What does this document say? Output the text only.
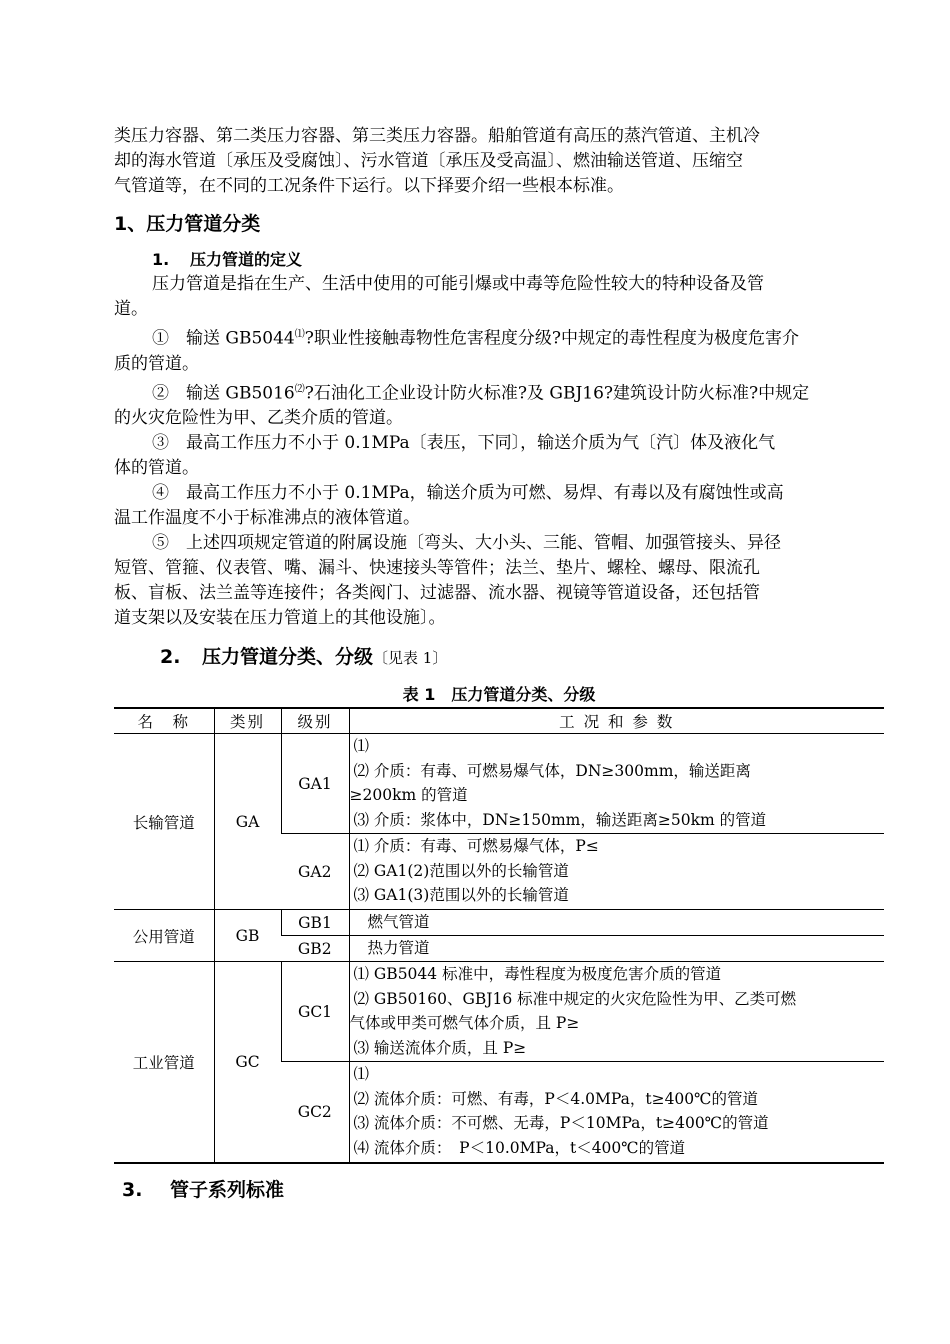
类压力容器、第二类压力容器、第三类压力容器。船舶管道有高压的蒸汽管道、主机冷

却的海水管道〔承压及受腐蚀〕、污水管道〔承压及受高温〕、燃油输送管道、压缩空

气管道等，在不同的工况条件下运行。以下择要介绍一些根本标准。

1、压力管道分类

1. 压力管道的定义

压力管道是指在生产、生活中使用的可能引爆或中毒等危险性较大的特种设备及管

道。

①　输送 GB5044⑴?职业性接触毒物性危害程度分级?中规定的毒性程度为极度危害介

质的管道。

②　输送 GB5016⑵?石油化工企业设计防火标准?及 GBJ16?建筑设计防火标准?中规定

的火灾危险性为甲、乙类介质的管道。

③　最高工作压力不小于 0.1MPa〔表压，下同〕，输送介质为气〔汽〕体及液化气

体的管道。

④　最高工作压力不小于 0.1MPa，输送介质为可燃、易焊、有毒以及有腐蚀性或高

温工作温度不小于标准沸点的液体管道。

⑤　上述四项规定管道的附属设施〔弯头、大小头、三能、管帽、加强管接头、异径

短管、管箍、仪表管、嘴、漏斗、快速接头等管件；法兰、垫片、螺栓、螺母、限流孔

板、盲板、法兰盖等连接件；各类阀门、过滤器、流水器、视镜等管道设备，还包括管

道支架以及安装在压力管道上的其他设施〕。

2. 压力管道分类、分级〔见表 1〕

表 1　压力管道分类、分级

名　称	类别	级别	工 况 和 参 数
长输管道	GA	GA1	⑴
⑵ 介质：有毒、可燃易爆气体，DN≥300mm，输送距离
≥200km 的管道
⑶ 介质：浆体中，DN≥150mm，输送距离≥50km 的管道

		GA2	⑴ 介质：有毒、可燃易爆气体，P≤
⑵ GA1(2)范围以外的长输管道
⑶ GA1(3)范围以外的长输管道

公用管道	GB	GB1	燃气管道
		GB2	热力管道
工业管道	GC	GC1	⑴ GB5044 标准中，毒性程度为极度危害介质的管道
⑵ GB50160、GBJ16 标准中规定的火灾危险性为甲、乙类可燃
气体或甲类可燃气体介质，且 P≥
⑶ 输送流体介质，且 P≥

		GC2	⑴
⑵ 流体介质：可燃、有毒，P＜4.0MPa，t≥400℃的管道
⑶ 流体介质：不可燃、无毒，P＜10MPa，t≥400℃的管道
⑷ 流体介质：　P＜10.0MPa，t＜400℃的管道

3. 管子系列标准
